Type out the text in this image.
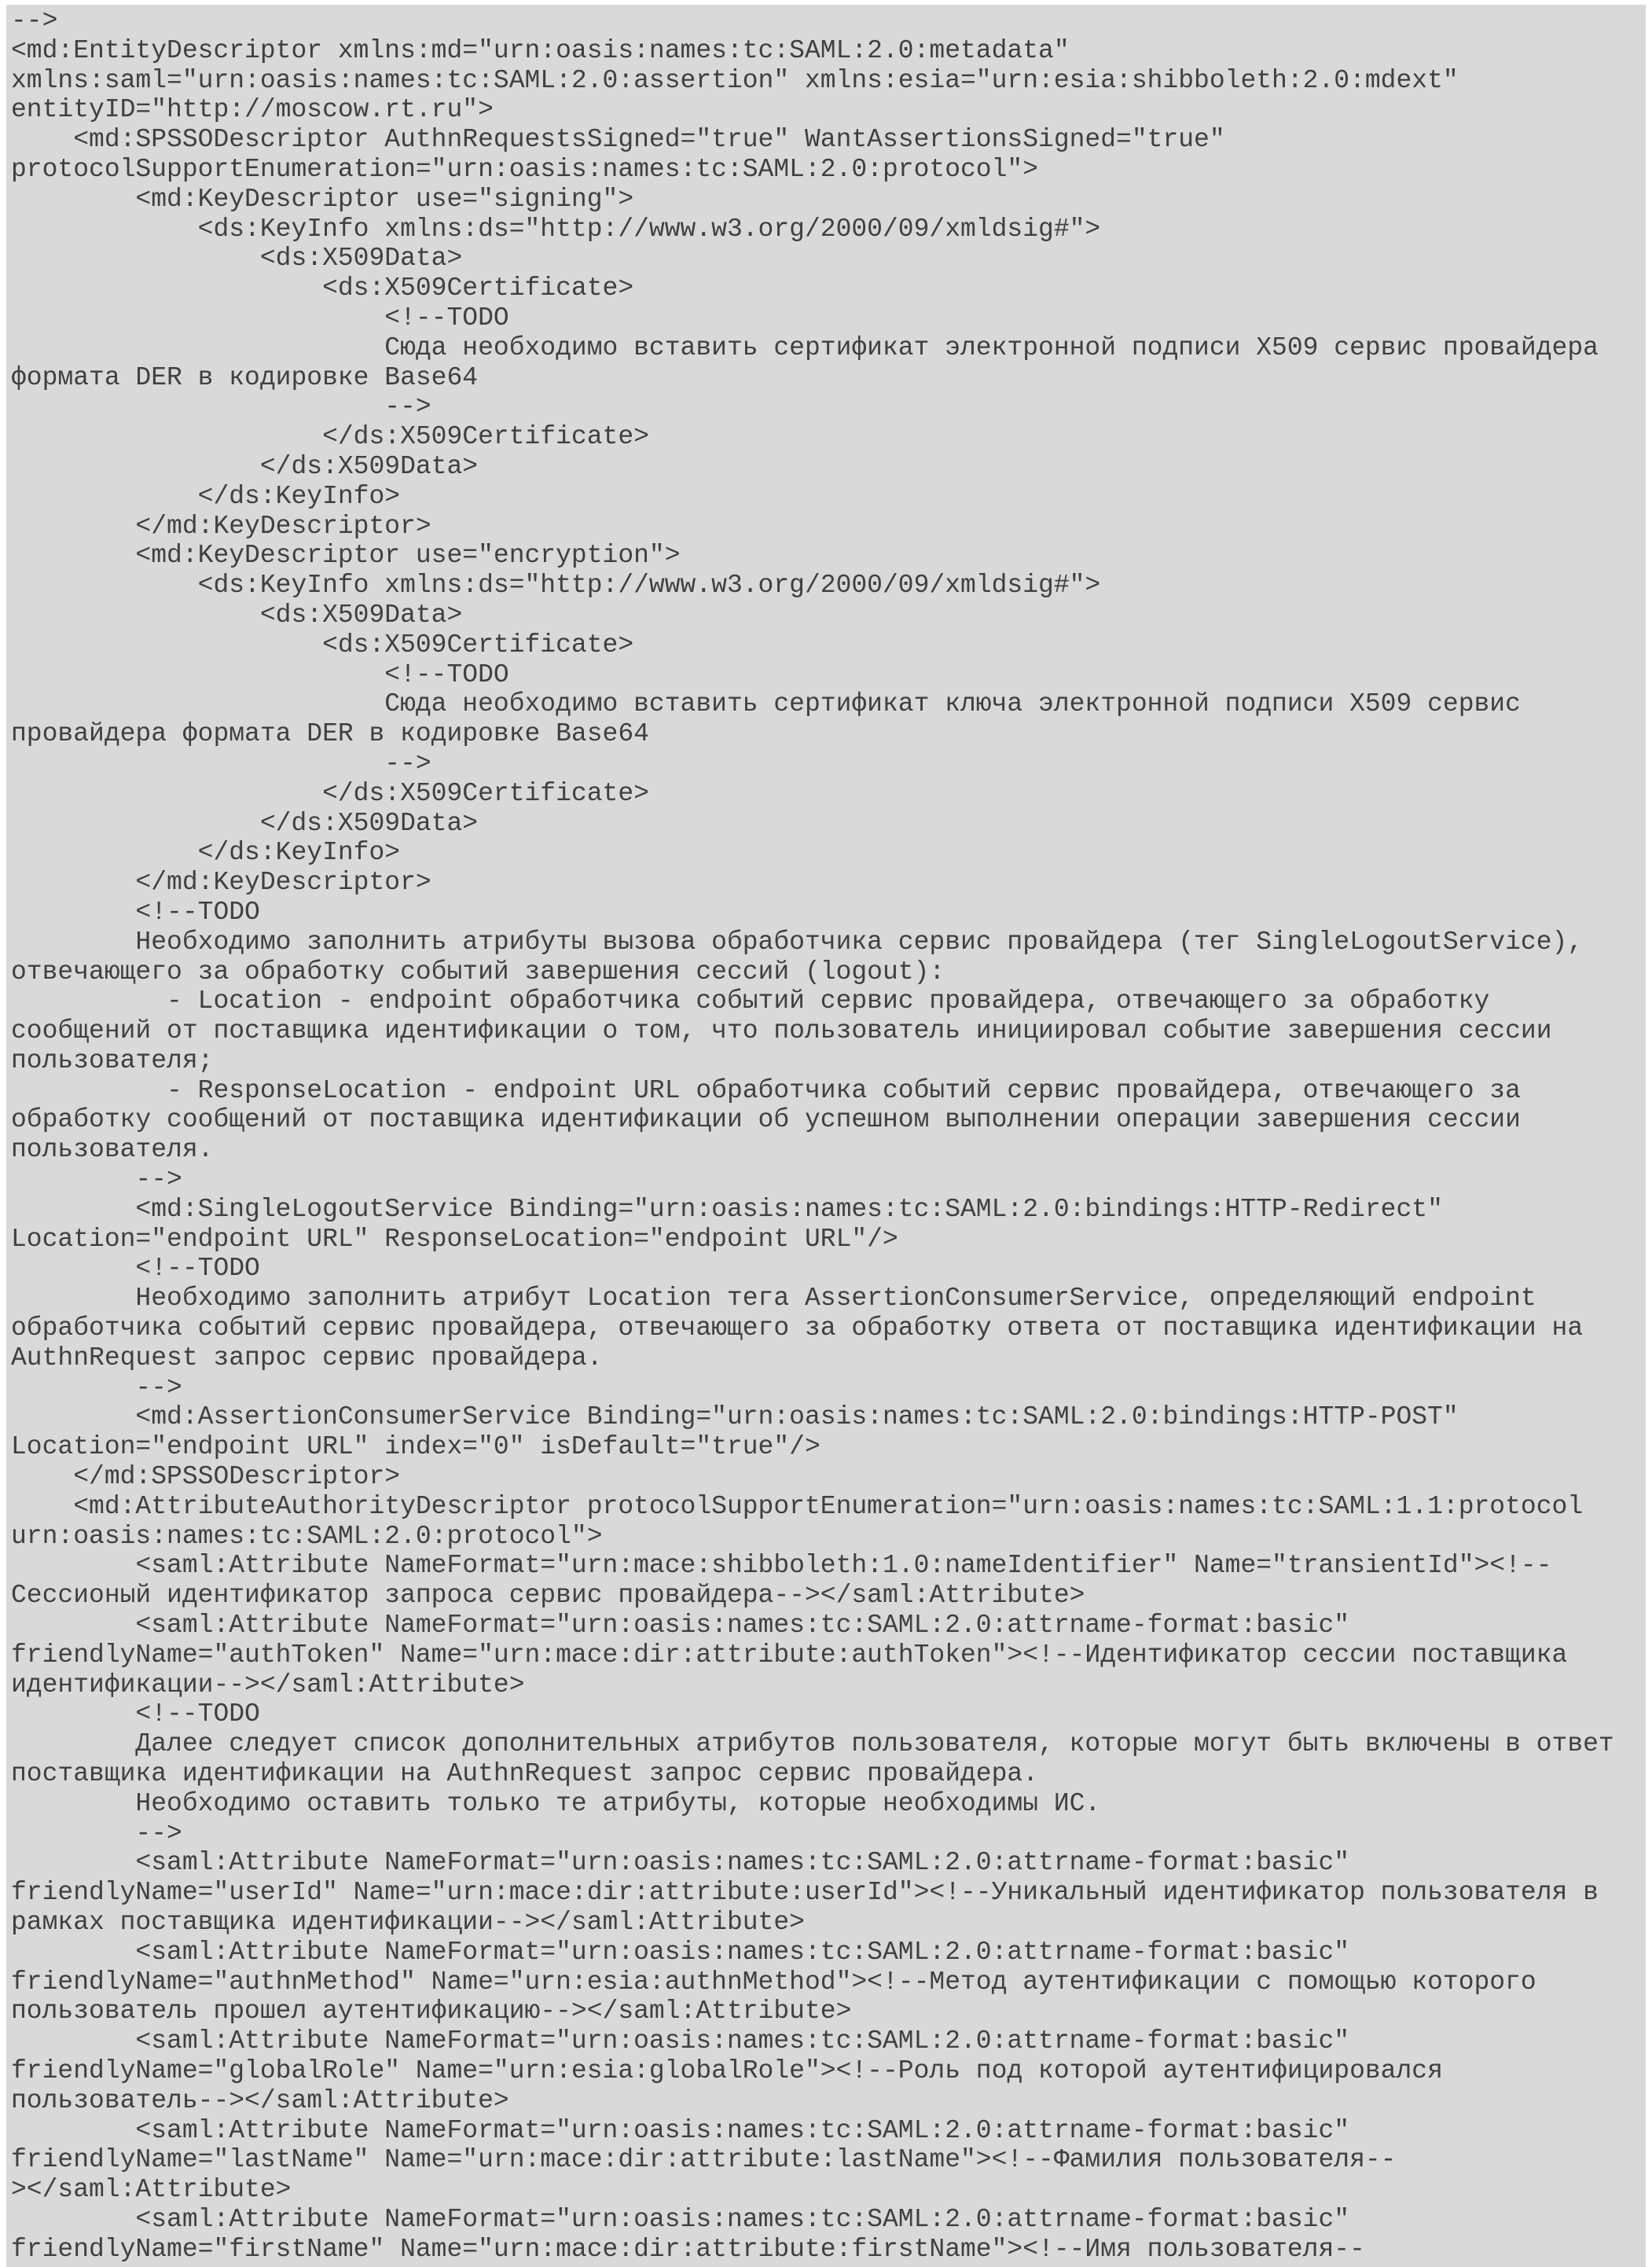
-->
<md:EntityDescriptor xmlns:md="urn:oasis:names:tc:SAML:2.0:metadata"
xmlns:saml="urn:oasis:names:tc:SAML:2.0:assertion" xmlns:esia="urn:esia:shibboleth:2.0:mdext"
entityID="http://moscow.rt.ru">
<md:SPSSODescriptor AuthnRequestsSigned="true" WantAssertionsSigned="true"
protocolSupportEnumeration="urn:oasis:names:tc:SAML:2.0:protocol">
<md:KeyDescriptor use="signing">
<ds:KeyInfo xmlns:ds="http://www.w3.org/2000/09/xmldsig#">
<ds:X509Data>
<ds:X509Certificate>
<!--TODO
Сюда необходимо вставить сертификат электронной подписи X509 сервис провайдера
формата DER в кодировке Base64
-->
</ds:X509Certificate>
</ds:X509Data>
</ds:KeyInfo>
</md:KeyDescriptor>
<md:KeyDescriptor use="encryption">
<ds:KeyInfo xmlns:ds="http://www.w3.org/2000/09/xmldsig#">
<ds:X509Data>
<ds:X509Certificate>
<!--TODO
Сюда необходимо вставить сертификат ключа электронной подписи X509 сервис
провайдера формата DER в кодировке Base64
-->
</ds:X509Certificate>
</ds:X509Data>
</ds:KeyInfo>
</md:KeyDescriptor>
<!--TODO
Необходимо заполнить атрибуты вызова обработчика сервис провайдера (тег SingleLogoutService),
отвечающего за обработку событий завершения сессий (logout):
- Location - endpoint обработчика событий сервис провайдера, отвечающего за обработку
сообщений от поставщика идентификации о том, что пользователь инициировал событие завершения сессии
пользователя;
- ResponseLocation - endpoint URL обработчика событий сервис провайдера, отвечающего за
обработку сообщений от поставщика идентификации об успешном выполнении операции завершения сессии
пользователя.
-->
<md:SingleLogoutService Binding="urn:oasis:names:tc:SAML:2.0:bindings:HTTP-Redirect"
Location="endpoint URL" ResponseLocation="endpoint URL"/>
<!--TODO
Необходимо заполнить атрибут Location тега AssertionConsumerService, определяющий endpoint
обработчика событий сервис провайдера, отвечающего за обработку ответа от поставщика идентификации на
AuthnRequest запрос сервис провайдера.
-->
<md:AssertionConsumerService Binding="urn:oasis:names:tc:SAML:2.0:bindings:HTTP-POST"
Location="endpoint URL" index="0" isDefault="true"/>
</md:SPSSODescriptor>
<md:AttributeAuthorityDescriptor protocolSupportEnumeration="urn:oasis:names:tc:SAML:1.1:protocol
urn:oasis:names:tc:SAML:2.0:protocol">
<saml:Attribute NameFormat="urn:mace:shibboleth:1.0:nameIdentifier" Name="transientId"><!--
Сессионый идентификатор запроса сервис провайдера--></saml:Attribute>
<saml:Attribute NameFormat="urn:oasis:names:tc:SAML:2.0:attrname-format:basic"
friendlyName="authToken" Name="urn:mace:dir:attribute:authToken"><!--Идентификатор сессии поставщика
идентификации--></saml:Attribute>
<!--TODO
Далее следует список дополнительных атрибутов пользователя, которые могут быть включены в ответ
поставщика идентификации на AuthnRequest запрос сервис провайдера.
Необходимо оставить только те атрибуты, которые необходимы ИС.
-->
<saml:Attribute NameFormat="urn:oasis:names:tc:SAML:2.0:attrname-format:basic"
friendlyName="userId" Name="urn:mace:dir:attribute:userId"><!--Уникальный идентификатор пользователя в
рамках поставщика идентификации--></saml:Attribute>
<saml:Attribute NameFormat="urn:oasis:names:tc:SAML:2.0:attrname-format:basic"
friendlyName="authnMethod" Name="urn:esia:authnMethod"><!--Метод аутентификации с помощью которого
пользователь прошел аутентификацию--></saml:Attribute>
<saml:Attribute NameFormat="urn:oasis:names:tc:SAML:2.0:attrname-format:basic"
friendlyName="globalRole" Name="urn:esia:globalRole"><!--Роль под которой аутентифицировался
пользователь--></saml:Attribute>
<saml:Attribute NameFormat="urn:oasis:names:tc:SAML:2.0:attrname-format:basic"
friendlyName="lastName" Name="urn:mace:dir:attribute:lastName"><!--Фамилия пользователя--
></saml:Attribute>
<saml:Attribute NameFormat="urn:oasis:names:tc:SAML:2.0:attrname-format:basic"
friendlyName="firstName" Name="urn:mace:dir:attribute:firstName"><!--Имя пользователя--
